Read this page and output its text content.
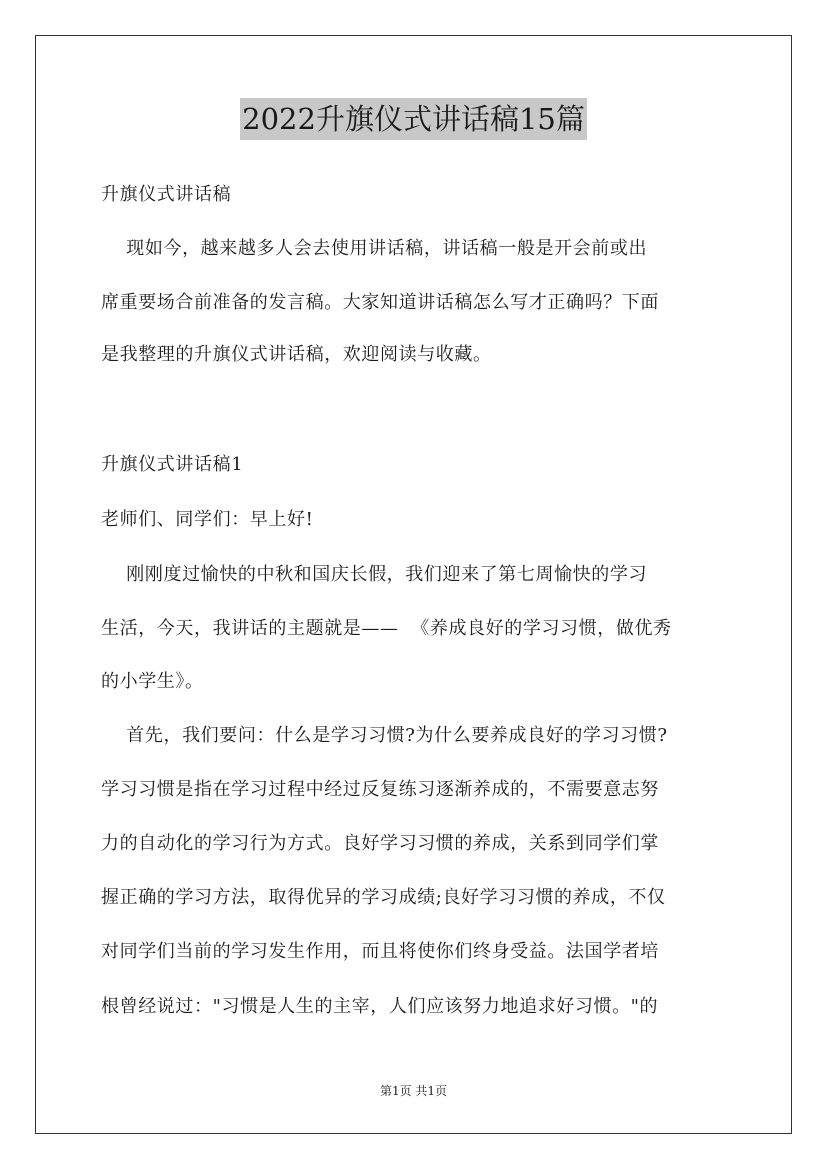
2022升旗仪式讲话稿15篇
升旗仪式讲话稿
现如今，越来越多人会去使用讲话稿，讲话稿一般是开会前或出
席重要场合前准备的发言稿。大家知道讲话稿怎么写才正确吗？下面
是我整理的升旗仪式讲话稿，欢迎阅读与收藏。
升旗仪式讲话稿1
老师们、同学们：早上好!
刚刚度过愉快的中秋和国庆长假，我们迎来了第七周愉快的学习
生活，今天，我讲话的主题就是——  《养成良好的学习习惯，做优秀
的小学生》。
首先，我们要问：什么是学习习惯?为什么要养成良好的学习习惯?
学习习惯是指在学习过程中经过反复练习逐渐养成的，不需要意志努
力的自动化的学习行为方式。良好学习习惯的养成，关系到同学们掌
握正确的学习方法，取得优异的学习成绩;良好学习习惯的养成，不仅
对同学们当前的学习发生作用，而且将使你们终身受益。法国学者培
根曾经说过："习惯是人生的主宰，人们应该努力地追求好习惯。"的
第1页 共1页
